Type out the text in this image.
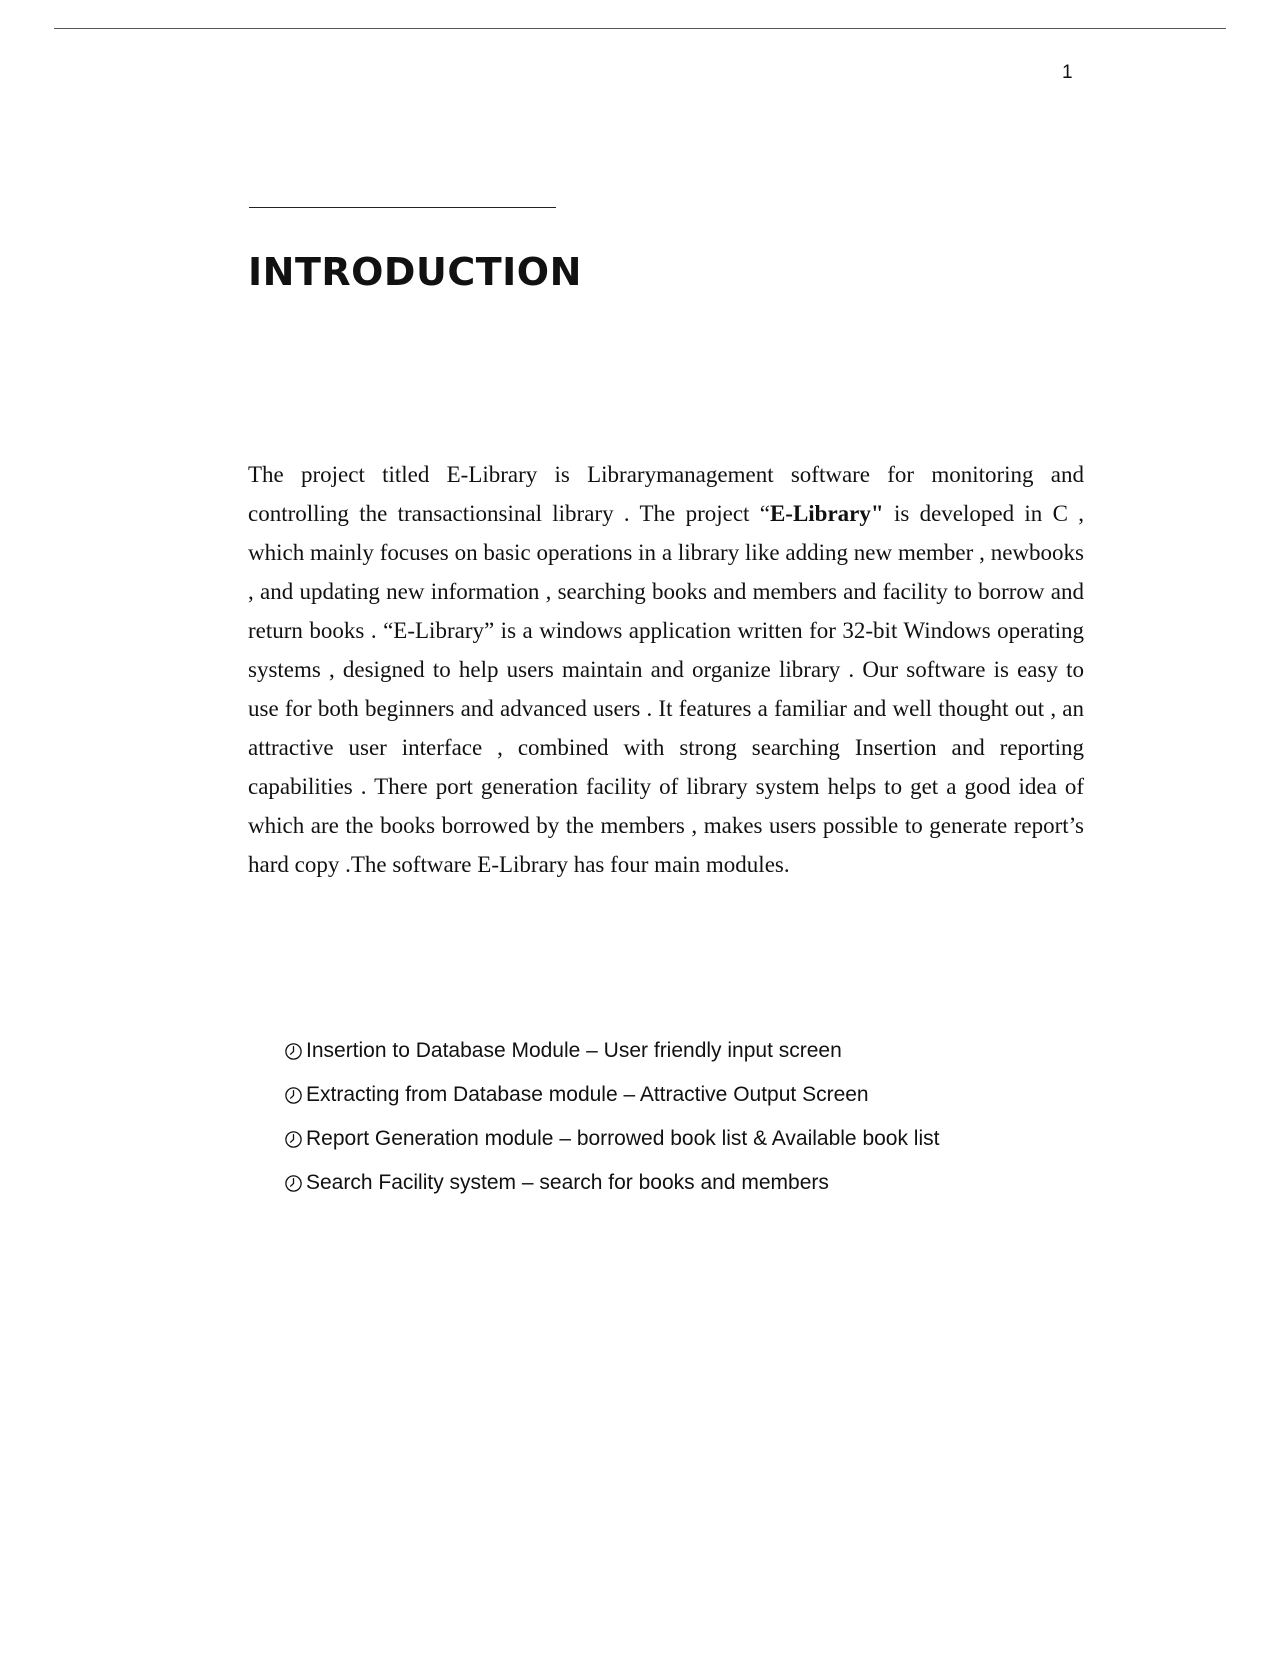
1
INTRODUCTION

The project titled E-Library is Librarymanagement software for monitoring and controlling the transactionsinal library . The project “E-Library" is developed in C , which mainly focuses on basic operations in a library like adding new member , newbooks , and updating new information , searching books and members and facility to borrow and return books . “E-Library” is a windows application written for 32-bit Windows operating systems , designed to help users maintain and organize library . Our software is easy to use for both beginners and advanced users . It features a familiar and well thought out , an attractive user interface , combined with strong searching Insertion and reporting capabilities . There port generation facility of library system helps to get a good idea of which are the books borrowed by the members , makes users possible to generate report’s hard copy .The software E-Library has four main modules.

Insertion to Database Module – User friendly input screen
Extracting from Database module – Attractive Output Screen
Report Generation module – borrowed book list & Available book list
Search Facility system – search for books and members
